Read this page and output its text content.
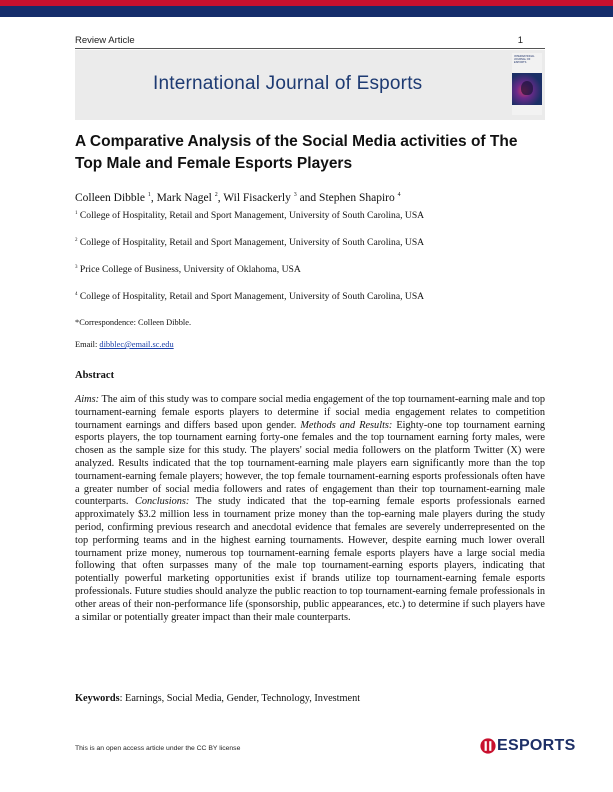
Review Article	1
International Journal of Esports
INTERNATIONAL JOURNAL OF ESPORTS
A Comparative Analysis of the Social Media activities of The Top Male and Female Esports Players
Colleen Dibble $^1$, Mark Nagel $^2$, Wil Fisackerly $^3$ and Stephen Shapiro $^4$
$^1$ College of Hospitality, Retail and Sport Management, University of South Carolina, USA
$^2$ College of Hospitality, Retail and Sport Management, University of South Carolina, USA
$^3$ Price College of Business, University of Oklahoma, USA
$^4$ College of Hospitality, Retail and Sport Management, University of South Carolina, USA
*Correspondence: Colleen Dibble.
Email: dibblec@email.sc.edu
Abstract
Aims: The aim of this study was to compare social media engagement of the top tournament-earning male and top tournament-earning female esports players to determine if social media engagement relates to competition tournament earnings and differs based upon gender. Methods and Results: Eighty-one top tournament earning esports players, the top tournament earning forty-one females and the top tournament earning forty males, were chosen as the sample size for this study. The players' social media followers on the platform Twitter (X) were analyzed. Results indicated that the top tournament-earning male players earn significantly more than the top tournament-earning female players; however, the top female tournament-earning esports professionals often have a greater number of social media followers and rates of engagement than their top tournament-earning male counterparts. Conclusions: The study indicated that the top-earning female esports professionals earned approximately $3.2 million less in tournament prize money than the top-earning male players during the study period, confirming previous research and anecdotal evidence that females are severely underrepresented on the top performing teams and in the highest earning tournaments. However, despite earning much lower overall tournament prize money, numerous top tournament-earning female esports players have a large social media following that often surpasses many of the male top tournament-earning esports players, indicating that potentially powerful marketing opportunities exist if brands utilize top tournament-earning female esports professionals. Future studies should analyze the public reaction to top tournament-earning female professionals in other areas of their non-performance life (sponsorship, public appearances, etc.) to determine if such players have a similar or potentially greater impact than their male counterparts.
Keywords: Earnings, Social Media, Gender, Technology, Investment
This is an open access article under the CC BY license	ESPORTS
